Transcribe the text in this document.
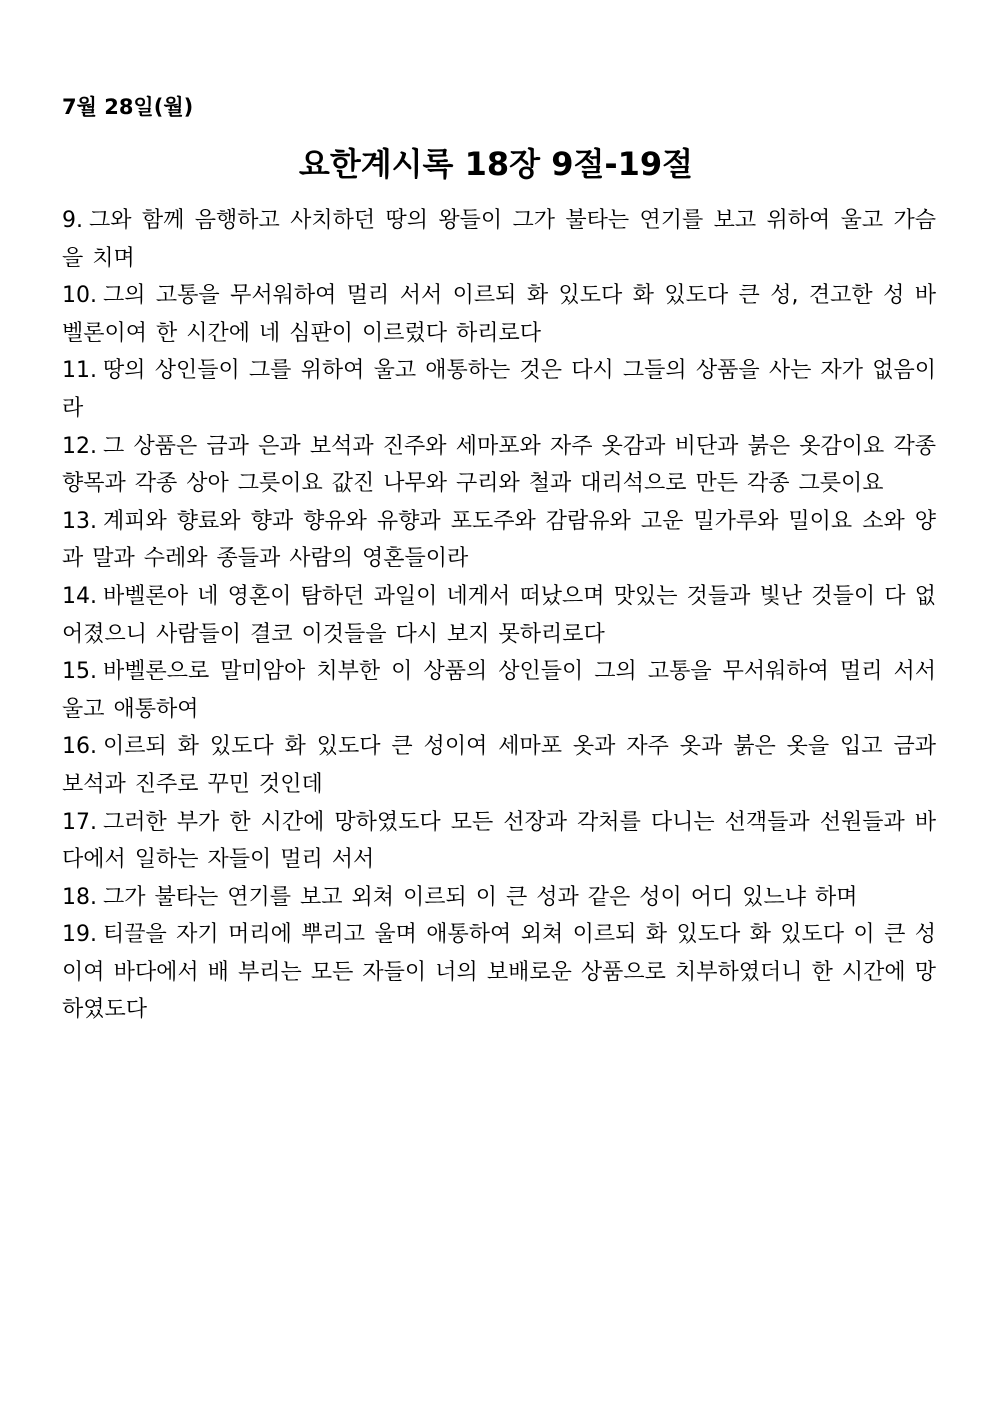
7월 28일(월)
요한계시록 18장 9절-19절

9. 그와 함께 음행하고 사치하던 땅의 왕들이 그가 불타는 연기를 보고 위하여 울고 가슴을 치며

10. 그의 고통을 무서워하여 멀리 서서 이르되 화 있도다 화 있도다 큰 성, 견고한 성 바벨론이여 한 시간에 네 심판이 이르렀다 하리로다

11. 땅의 상인들이 그를 위하여 울고 애통하는 것은 다시 그들의 상품을 사는 자가 없음이라

12. 그 상품은 금과 은과 보석과 진주와 세마포와 자주 옷감과 비단과 붉은 옷감이요 각종 향목과 각종 상아 그릇이요 값진 나무와 구리와 철과 대리석으로 만든 각종 그릇이요

13. 계피와 향료와 향과 향유와 유향과 포도주와 감람유와 고운 밀가루와 밀이요 소와 양과 말과 수레와 종들과 사람의 영혼들이라

14. 바벨론아 네 영혼이 탐하던 과일이 네게서 떠났으며 맛있는 것들과 빛난 것들이 다 없어졌으니 사람들이 결코 이것들을 다시 보지 못하리로다

15. 바벨론으로 말미암아 치부한 이 상품의 상인들이 그의 고통을 무서워하여 멀리 서서 울고 애통하여

16. 이르되 화 있도다 화 있도다 큰 성이여 세마포 옷과 자주 옷과 붉은 옷을 입고 금과 보석과 진주로 꾸민 것인데

17. 그러한 부가 한 시간에 망하였도다 모든 선장과 각처를 다니는 선객들과 선원들과 바다에서 일하는 자들이 멀리 서서

18. 그가 불타는 연기를 보고 외쳐 이르되 이 큰 성과 같은 성이 어디 있느냐 하며

19. 티끌을 자기 머리에 뿌리고 울며 애통하여 외쳐 이르되 화 있도다 화 있도다 이 큰 성이여 바다에서 배 부리는 모든 자들이 너의 보배로운 상품으로 치부하였더니 한 시간에 망하였도다
